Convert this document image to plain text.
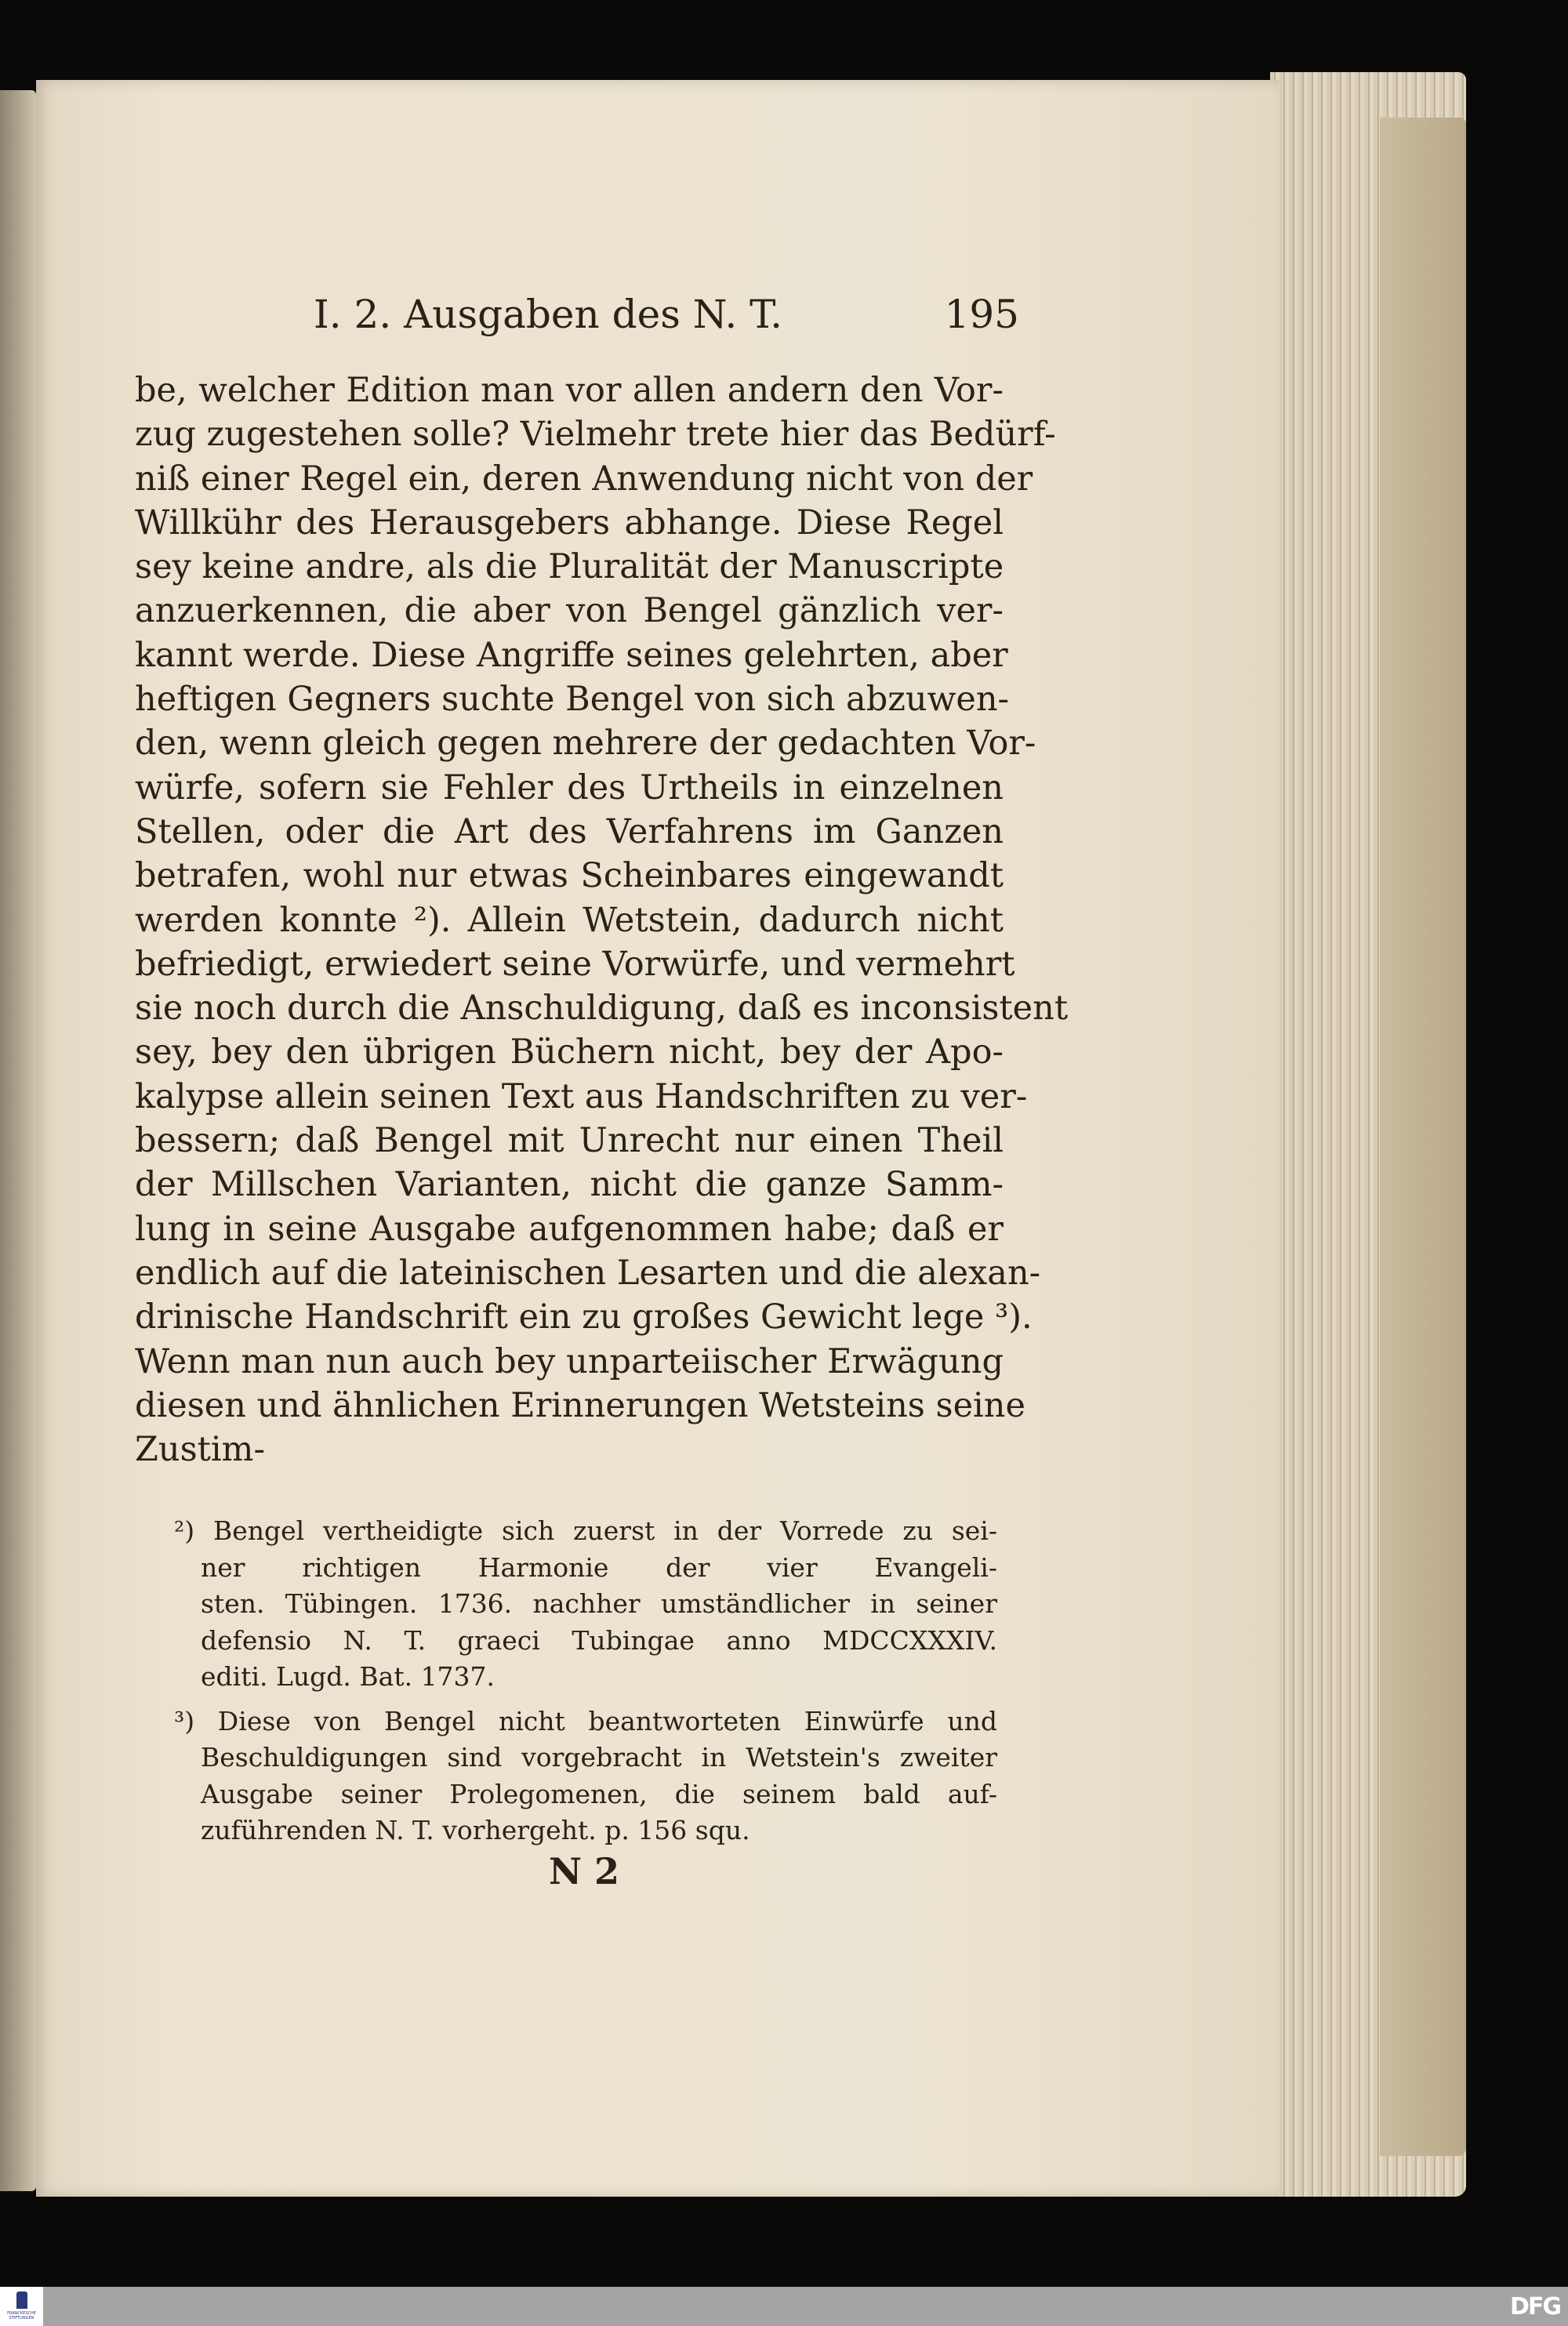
I. 2. Ausgaben des N. T.	195
be, welcher Edition man vor allen andern den Vor-
zug zugestehen solle? Vielmehr trete hier das Bedürf-
niß einer Regel ein, deren Anwendung nicht von der
Willkühr des Herausgebers abhange. Diese Regel
sey keine andre, als die Pluralität der Manuscripte
anzuerkennen, die aber von Bengel gänzlich ver-
kannt werde. Diese Angriffe seines gelehrten, aber
heftigen Gegners suchte Bengel von sich abzuwen-
den, wenn gleich gegen mehrere der gedachten Vor-
würfe, sofern sie Fehler des Urtheils in einzelnen
Stellen, oder die Art des Verfahrens im Ganzen
betrafen, wohl nur etwas Scheinbares eingewandt
werden konnte ²). Allein Wetstein, dadurch nicht
befriedigt, erwiedert seine Vorwürfe, und vermehrt
sie noch durch die Anschuldigung, daß es inconsistent
sey, bey den übrigen Büchern nicht, bey der Apo-
kalypse allein seinen Text aus Handschriften zu ver-
bessern; daß Bengel mit Unrecht nur einen Theil
der Millschen Varianten, nicht die ganze Samm-
lung in seine Ausgabe aufgenommen habe; daß er
endlich auf die lateinischen Lesarten und die alexan-
drinische Handschrift ein zu großes Gewicht lege ³).
Wenn man nun auch bey unparteiischer Erwägung
diesen und ähnlichen Erinnerungen Wetsteins seine
Zustim-
²) Bengel vertheidigte sich zuerst in der Vorrede zu sei-
ner richtigen Harmonie der vier Evangeli-
sten. Tübingen. 1736. nachher umständlicher in seiner
defensio N. T. graeci Tubingae anno MDCCXXXIV.
editi. Lugd. Bat. 1737.
³) Diese von Bengel nicht beantworteten Einwürfe und
Beschuldigungen sind vorgebracht in Wetstein's zweiter
Ausgabe seiner Prolegomenen, die seinem bald auf-
zuführenden N. T. vorhergeht. p. 156 squ.
N 2
FRANCKESCHE
STIFTUNGEN	DFG
